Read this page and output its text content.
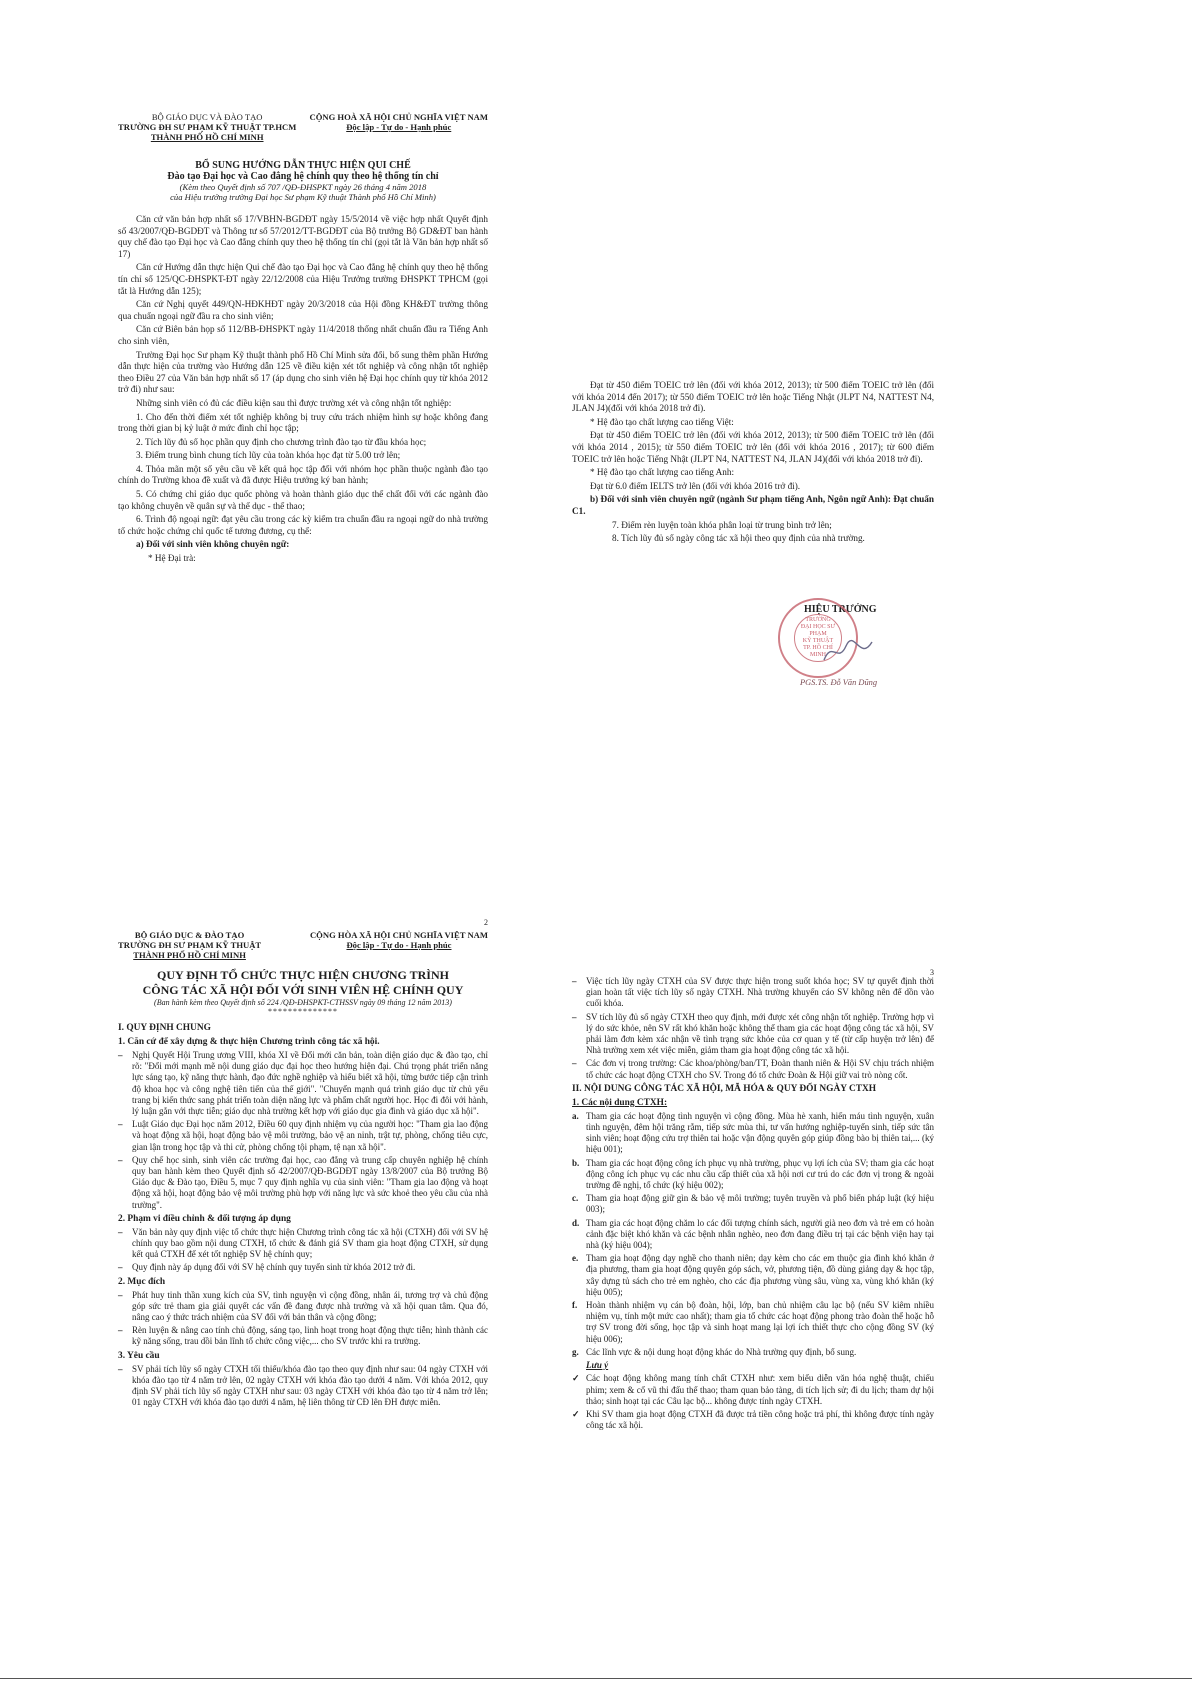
BỘ GIÁO DỤC VÀ ĐÀO TẠO
TRƯỜNG ĐH SƯ PHẠM KỸ THUẬT TP.HCM
THÀNH PHỐ HỒ CHÍ MINH
CỘNG HOÀ XÃ HỘI CHỦ NGHĨA VIỆT NAM
Độc lập - Tự do - Hạnh phúc
BỔ SUNG HƯỚNG DẪN THỰC HIỆN QUI CHẾ
Đào tạo Đại học và Cao đẳng hệ chính quy theo hệ thống tín chỉ
(Kèm theo Quyết định số 707 /QĐ-ĐHSPKT ngày 26 tháng 4 năm 2018
của Hiệu trưởng trường Đại học Sư phạm Kỹ thuật Thành phố Hồ Chí Minh)

Căn cứ văn bản hợp nhất số 17/VBHN-BGDĐT ngày 15/5/2014 về việc hợp nhất Quyết định số 43/2007/QĐ-BGDĐT và Thông tư số 57/2012/TT-BGDĐT của Bộ trưởng Bộ GD&ĐT ban hành quy chế đào tạo Đại học và Cao đẳng chính quy theo hệ thống tín chỉ (gọi tắt là Văn bản hợp nhất số 17)

Căn cứ Hướng dẫn thực hiện Qui chế đào tạo Đại học và Cao đẳng hệ chính quy theo hệ thống tín chỉ số 125/QC-ĐHSPKT-ĐT ngày 22/12/2008 của Hiệu Trưởng trường ĐHSPKT TPHCM (gọi tắt là Hướng dẫn 125);

Căn cứ Nghị quyết 449/QN-HĐKHĐT ngày 20/3/2018 của Hội đồng KH&ĐT trường thông qua chuẩn ngoại ngữ đầu ra cho sinh viên;

Căn cứ Biên bản họp số 112/BB-ĐHSPKT ngày 11/4/2018 thống nhất chuẩn đầu ra Tiếng Anh cho sinh viên,

Trường Đại học Sư phạm Kỹ thuật thành phố Hồ Chí Minh sửa đổi, bổ sung thêm phần Hướng dẫn thực hiện của trường vào Hướng dẫn 125 về điều kiện xét tốt nghiệp và công nhận tốt nghiệp theo Điều 27 của Văn bản hợp nhất số 17 (áp dụng cho sinh viên hệ Đại học chính quy từ khóa 2012 trở đi) như sau:

Những sinh viên có đủ các điều kiện sau thì được trường xét và công nhận tốt nghiệp:

1. Cho đến thời điểm xét tốt nghiệp không bị truy cứu trách nhiệm hình sự hoặc không đang trong thời gian bị kỷ luật ở mức đình chỉ học tập;

2. Tích lũy đủ số học phần quy định cho chương trình đào tạo từ đầu khóa học;

3. Điểm trung bình chung tích lũy của toàn khóa học đạt từ 5.00 trở lên;

4. Thỏa mãn một số yêu cầu về kết quả học tập đối với nhóm học phần thuộc ngành đào tạo chính do Trường khoa đề xuất và đã được Hiệu trưởng ký ban hành;

5. Có chứng chỉ giáo dục quốc phòng và hoàn thành giáo dục thể chất đối với các ngành đào tạo không chuyên về quân sự và thể dục - thể thao;

6. Trình độ ngoại ngữ: đạt yêu cầu trong các kỳ kiểm tra chuẩn đầu ra ngoại ngữ do nhà trường tổ chức hoặc chứng chỉ quốc tế tương đương, cụ thể:

a) Đối với sinh viên không chuyên ngữ:

* Hệ Đại trà:

Đạt từ 450 điểm TOEIC trở lên (đối với khóa 2012, 2013); từ 500 điểm TOEIC trở lên (đối với khóa 2014 đến 2017); từ 550 điểm TOEIC trở lên hoặc Tiếng Nhật (JLPT N4, NATTEST N4, JLAN J4)(đối với khóa 2018 trở đi).

* Hệ đào tạo chất lượng cao tiếng Việt:

Đạt từ 450 điểm TOEIC trở lên (đối với khóa 2012, 2013); từ 500 điểm TOEIC trở lên (đối với khóa 2014 , 2015); từ 550 điểm TOEIC trở lên (đối với khóa 2016 , 2017); từ 600 điểm TOEIC trở lên hoặc Tiếng Nhật (JLPT N4, NATTEST N4, JLAN J4)(đối với khóa 2018 trở đi).

* Hệ đào tạo chất lượng cao tiếng Anh:

Đạt từ 6.0 điểm IELTS trở lên (đối với khóa 2016 trở đi).

b) Đối với sinh viên chuyên ngữ (ngành Sư phạm tiếng Anh, Ngôn ngữ Anh): Đạt chuẩn C1.

7. Điểm rèn luyện toàn khóa phân loại từ trung bình trở lên;

8. Tích lũy đủ số ngày công tác xã hội theo quy định của nhà trường.

HIỆU TRƯỞNG
TRƯỜNG
ĐẠI HỌC SƯ PHẠM
KỸ THUẬT
TP. HỒ CHÍ MINH
PGS.TS. Đỗ Văn Dũng
2
BỘ GIÁO DỤC & ĐÀO TẠO
TRƯỜNG ĐH SƯ PHẠM KỸ THUẬT
THÀNH PHỐ HỒ CHÍ MINH
CỘNG HÒA XÃ HỘI CHỦ NGHĨA VIỆT NAM
Độc lập - Tự do - Hạnh phúc
QUY ĐỊNH TỔ CHỨC THỰC HIỆN CHƯƠNG TRÌNH
CÔNG TÁC XÃ HỘI ĐỐI VỚI SINH VIÊN HỆ CHÍNH QUY
(Ban hành kèm theo Quyết định số 224 /QĐ-ĐHSPKT-CTHSSV ngày 09 tháng 12 năm 2013)
**************
I. QUY ĐỊNH CHUNG
1. Căn cứ để xây dựng & thực hiện Chương trình công tác xã hội.
–	Nghị Quyết Hội Trung ương VIII, khóa XI về Đổi mới căn bản, toàn diện giáo dục & đào tạo, chỉ rõ: "Đổi mới mạnh mẽ nội dung giáo dục đại học theo hướng hiện đại. Chú trọng phát triển năng lực sáng tạo, kỹ năng thực hành, đạo đức nghề nghiệp và hiểu biết xã hội, từng bước tiếp cận trình độ khoa học và công nghệ tiên tiến của thế giới". "Chuyển mạnh quá trình giáo dục từ chủ yếu trang bị kiến thức sang phát triển toàn diện năng lực và phẩm chất người học. Học đi đôi với hành, lý luận gắn với thực tiễn; giáo dục nhà trường kết hợp với giáo dục gia đình và giáo dục xã hội".
–	Luật Giáo dục Đại học năm 2012, Điều 60 quy định nhiệm vụ của người học: "Tham gia lao động và hoạt động xã hội, hoạt động bảo vệ môi trường, bảo vệ an ninh, trật tự, phòng, chống tiêu cực, gian lận trong học tập và thi cử, phòng chống tội phạm, tệ nạn xã hội".
–	Quy chế học sinh, sinh viên các trường đại học, cao đẳng và trung cấp chuyên nghiệp hệ chính quy ban hành kèm theo Quyết định số 42/2007/QĐ-BGDĐT ngày 13/8/2007 của Bộ trưởng Bộ Giáo dục & Đào tạo, Điều 5, mục 7 quy định nghĩa vụ của sinh viên: "Tham gia lao động và hoạt động xã hội, hoạt động bảo vệ môi trường phù hợp với năng lực và sức khoẻ theo yêu cầu của nhà trường".
2. Phạm vi điều chỉnh & đối tượng áp dụng
–	Văn bản này quy định việc tổ chức thực hiện Chương trình công tác xã hội (CTXH) đối với SV hệ chính quy bao gồm nội dung CTXH, tổ chức & đánh giá SV tham gia hoạt động CTXH, sử dụng kết quả CTXH để xét tốt nghiệp SV hệ chính quy;
–	Quy định này áp dụng đối với SV hệ chính quy tuyển sinh từ khóa 2012 trở đi.
2. Mục đích
–	Phát huy tinh thần xung kích của SV, tình nguyện vì cộng đồng, nhân ái, tương trợ và chủ động góp sức trẻ tham gia giải quyết các vấn đề đang được nhà trường và xã hội quan tâm. Qua đó, nâng cao ý thức trách nhiệm của SV đối với bản thân và cộng đồng;
–	Rèn luyện & nâng cao tính chủ động, sáng tạo, linh hoạt trong hoạt động thực tiễn; hình thành các kỹ năng sống, trau dồi bản lĩnh tổ chức công việc,... cho SV trước khi ra trường.
3. Yêu cầu
–	SV phải tích lũy số ngày CTXH tối thiểu/khóa đào tạo theo quy định như sau: 04 ngày CTXH với khóa đào tạo từ 4 năm trở lên, 02 ngày CTXH với khóa đào tạo dưới 4 năm. Với khóa 2012, quy định SV phải tích lũy số ngày CTXH như sau: 03 ngày CTXH với khóa đào tạo từ 4 năm trở lên; 01 ngày CTXH với khóa đào tạo dưới 4 năm, hệ liên thông từ CĐ lên ĐH được miễn.
3
–	Việc tích lũy ngày CTXH của SV được thực hiện trong suốt khóa học; SV tự quyết định thời gian hoàn tất việc tích lũy số ngày CTXH. Nhà trường khuyến cáo SV không nên để dồn vào cuối khóa.
–	SV tích lũy đủ số ngày CTXH theo quy định, mới được xét công nhận tốt nghiệp. Trường hợp vì lý do sức khỏe, nên SV rất khó khăn hoặc không thể tham gia các hoạt động công tác xã hội, SV phải làm đơn kèm xác nhận về tình trạng sức khỏe của cơ quan y tế (từ cấp huyện trở lên) để Nhà trường xem xét việc miễn, giảm tham gia hoạt động công tác xã hội.
–	Các đơn vị trong trường: Các khoa/phòng/ban/TT, Đoàn thanh niên & Hội SV chịu trách nhiệm tổ chức các hoạt động CTXH cho SV. Trong đó tổ chức Đoàn & Hội giữ vai trò nòng cốt.
II. NỘI DUNG CÔNG TÁC XÃ HỘI, MÃ HÓA & QUY ĐỔI NGÀY CTXH
1. Các nội dung CTXH:
a. Tham gia các hoạt động tình nguyện vì cộng đồng. Mùa hè xanh, hiến máu tình nguyện, xuân tình nguyện, đêm hội trăng rằm, tiếp sức mùa thi, tư vấn hướng nghiệp-tuyển sinh, tiếp sức tân sinh viên; hoạt động cứu trợ thiên tai hoặc vận động quyên góp giúp đồng bào bị thiên tai,... (ký hiệu 001);
b. Tham gia các hoạt động công ích phục vụ nhà trường, phục vụ lợi ích của SV; tham gia các hoạt động công ích phục vụ các nhu cầu cấp thiết của xã hội nơi cư trú do các đơn vị trong & ngoài trường đề nghị, tổ chức (ký hiệu 002);
c. Tham gia hoạt động giữ gìn & bảo vệ môi trường; tuyên truyền và phổ biến pháp luật (ký hiệu 003);
d. Tham gia các hoạt động chăm lo các đối tượng chính sách, người già neo đơn và trẻ em có hoàn cảnh đặc biệt khó khăn và các bệnh nhân nghèo, neo đơn đang điều trị tại các bệnh viện hay tại nhà (ký hiệu 004);
e. Tham gia hoạt động dạy nghề cho thanh niên; dạy kèm cho các em thuộc gia đình khó khăn ở địa phương, tham gia hoạt động quyên góp sách, vở, phương tiện, đồ dùng giảng dạy & học tập, xây dựng tủ sách cho trẻ em nghèo, cho các địa phương vùng sâu, vùng xa, vùng khó khăn (ký hiệu 005);
f. Hoàn thành nhiệm vụ cán bộ đoàn, hội, lớp, ban chủ nhiệm câu lạc bộ (nếu SV kiêm nhiều nhiệm vụ, tính một mức cao nhất); tham gia tổ chức các hoạt động phong trào đoàn thể hoặc hỗ trợ SV trong đời sống, học tập và sinh hoạt mang lại lợi ích thiết thực cho cộng đồng SV (ký hiệu 006);
g. Các lĩnh vực & nội dung hoạt động khác do Nhà trường quy định, bổ sung.
Lưu ý
✓ Các hoạt động không mang tính chất CTXH như: xem biểu diễn văn hóa nghệ thuật, chiếu phim; xem & cổ vũ thi đấu thể thao; tham quan bảo tàng, di tích lịch sử; đi du lịch; tham dự hội thảo; sinh hoạt tại các Câu lạc bộ... không được tính ngày CTXH.
✓ Khi SV tham gia hoạt động CTXH đã được trả tiền công hoặc trả phí, thì không được tính ngày công tác xã hội.
